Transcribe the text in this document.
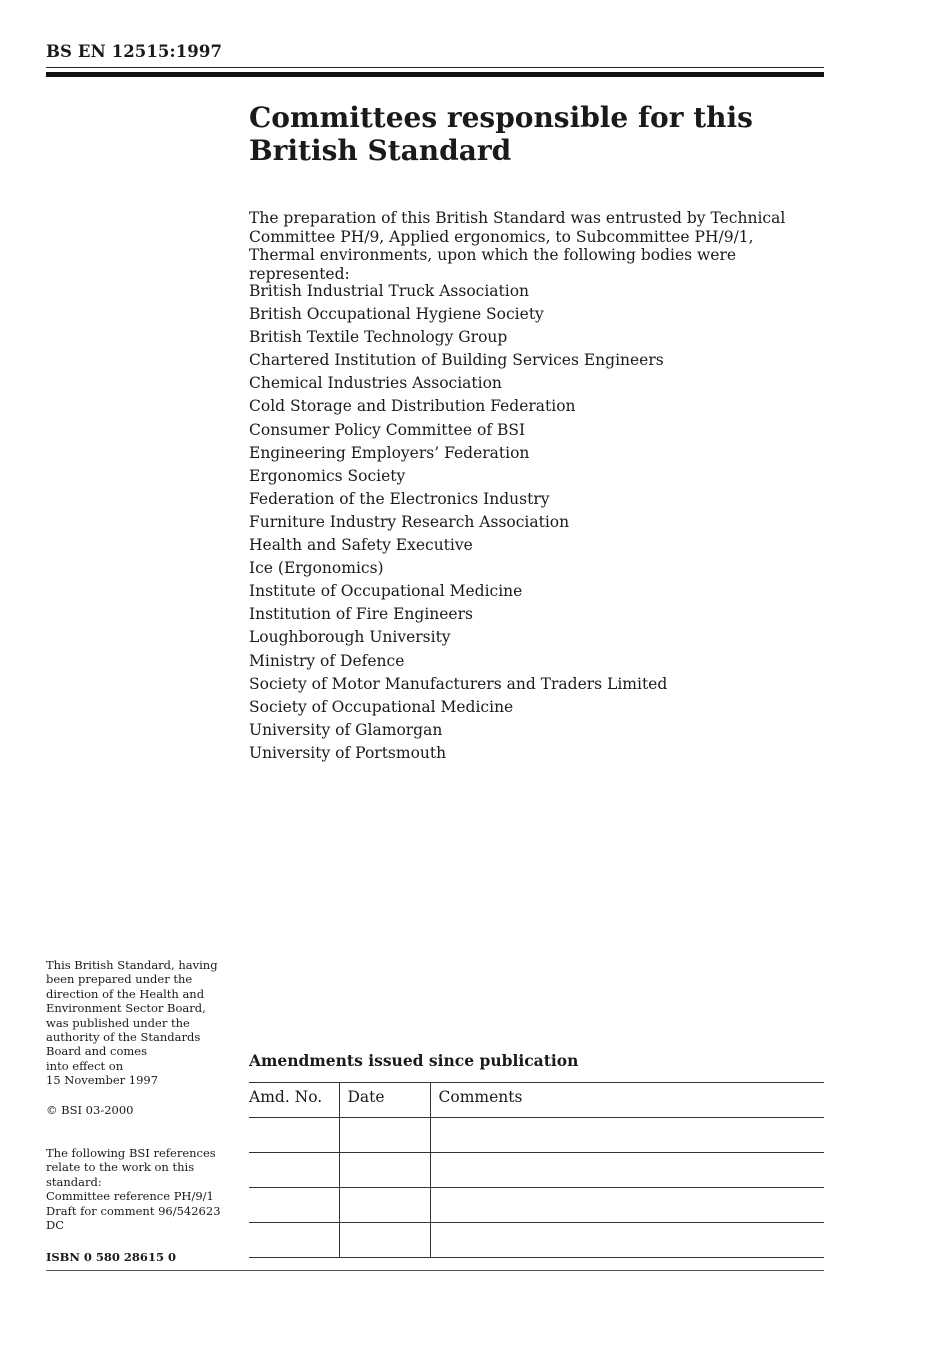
BS EN 12515:1997
Committees responsible for this
British Standard

The preparation of this British Standard was entrusted by Technical Committee PH/9, Applied ergonomics, to Subcommittee PH/9/1, Thermal environments, upon which the following bodies were represented:

British Industrial Truck Association
British Occupational Hygiene Society
British Textile Technology Group
Chartered Institution of Building Services Engineers
Chemical Industries Association
Cold Storage and Distribution Federation
Consumer Policy Committee of BSI
Engineering Employers’ Federation
Ergonomics Society
Federation of the Electronics Industry
Furniture Industry Research Association
Health and Safety Executive
Ice (Ergonomics)
Institute of Occupational Medicine
Institution of Fire Engineers
Loughborough University
Ministry of Defence
Society of Motor Manufacturers and Traders Limited
Society of Occupational Medicine
University of Glamorgan
University of Portsmouth

This British Standard, having
been prepared under the
direction of the Health and
Environment Sector Board,
was published under the
authority of the Standards
Board and comes
into effect on
15 November 1997

© BSI 03-2000

The following BSI references
relate to the work on this
standard:
Committee reference PH/9/1
Draft for comment 96/542623 DC

ISBN 0 580 28615 0
Amendments issued since publication
Amd. No.	Date	Comments
